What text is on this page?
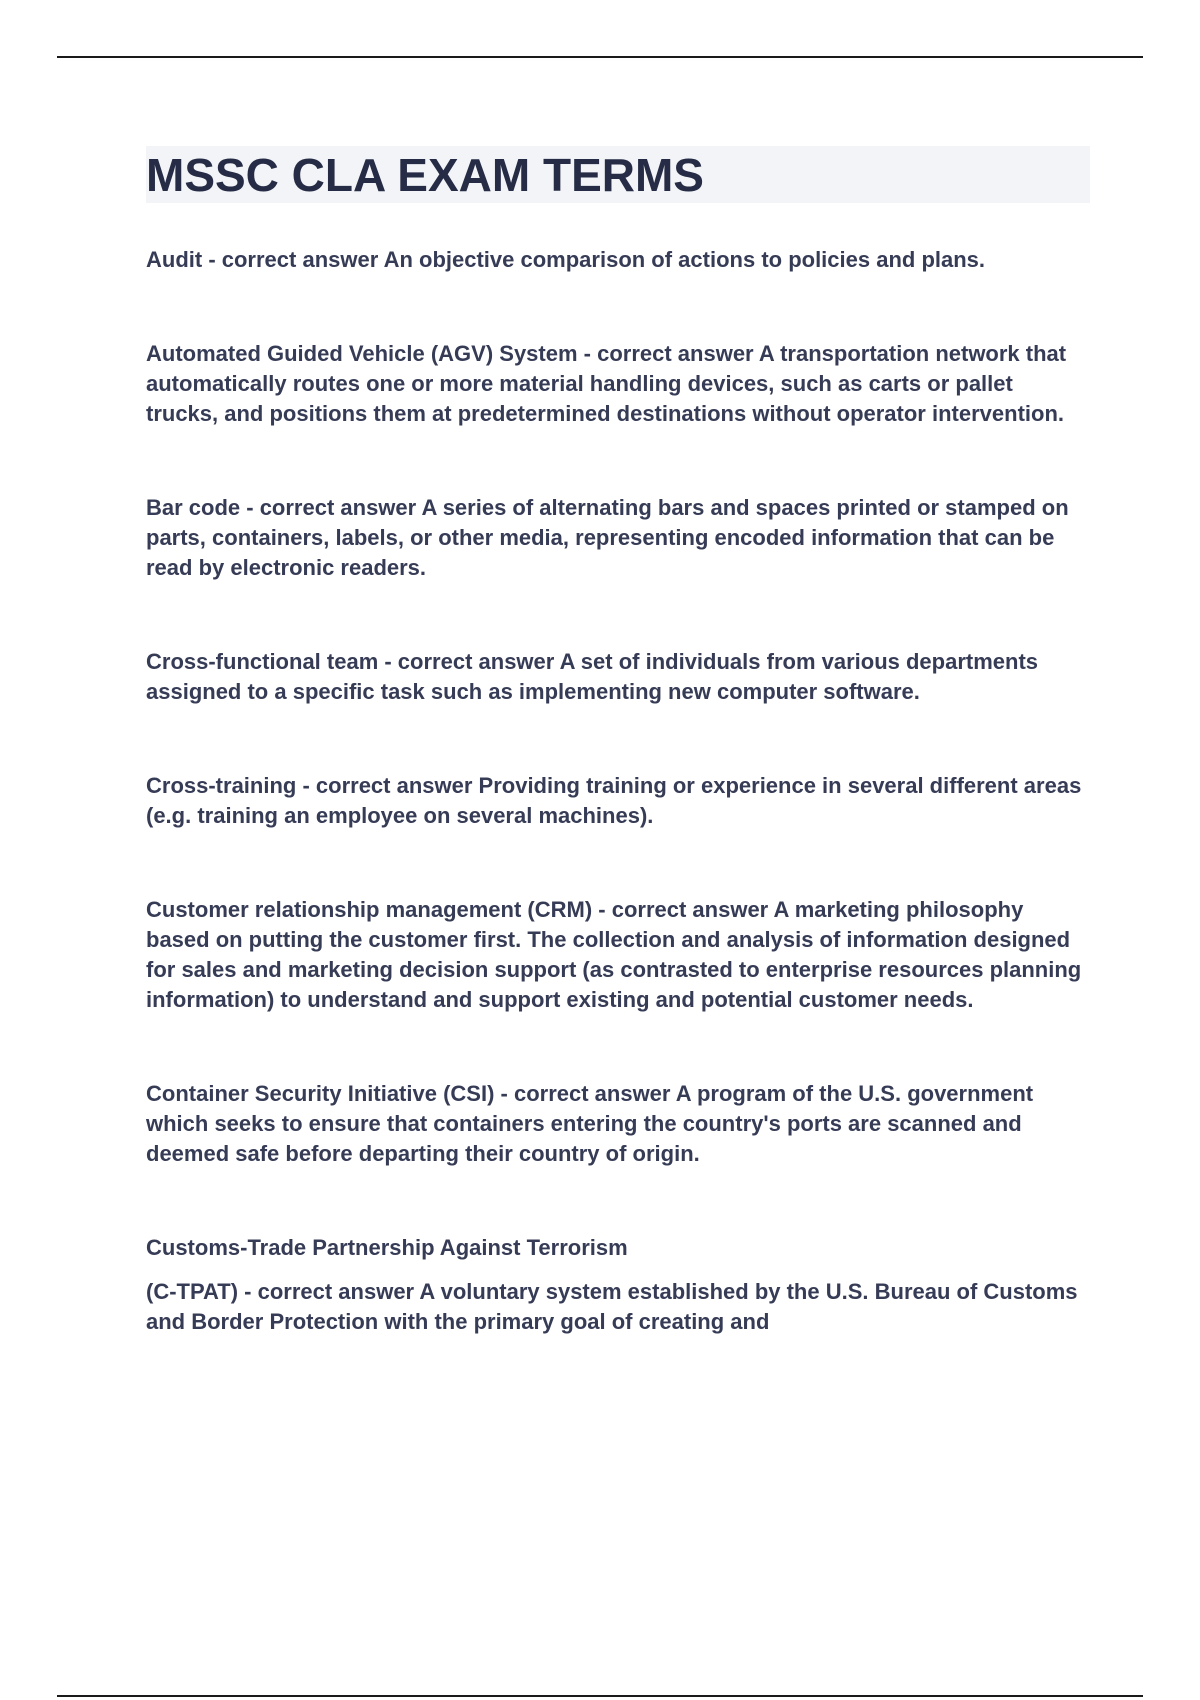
MSSC CLA EXAM TERMS

Audit - correct answer An objective comparison of actions to policies and plans.

Automated Guided Vehicle (AGV) System - correct answer A transportation network that automatically routes one or more material handling devices, such as carts or pallet trucks, and positions them at predetermined destinations without operator intervention.

Bar code - correct answer A series of alternating bars and spaces printed or stamped on parts, containers, labels, or other media, representing encoded information that can be read by electronic readers.

Cross-functional team - correct answer A set of individuals from various departments assigned to a specific task such as implementing new computer software.

Cross-training - correct answer Providing training or experience in several different areas (e.g. training an employee on several machines).

Customer relationship management (CRM) - correct answer A marketing philosophy based on putting the customer first. The collection and analysis of information designed for sales and marketing decision support (as contrasted to enterprise resources planning information) to understand and support existing and potential customer needs.

Container Security Initiative (CSI) - correct answer A program of the U.S. government which seeks to ensure that containers entering the country's ports are scanned and deemed safe before departing their country of origin.

Customs-Trade Partnership Against Terrorism

(C-TPAT) - correct answer A voluntary system established by the U.S. Bureau of Customs and Border Protection with the primary goal of creating and
